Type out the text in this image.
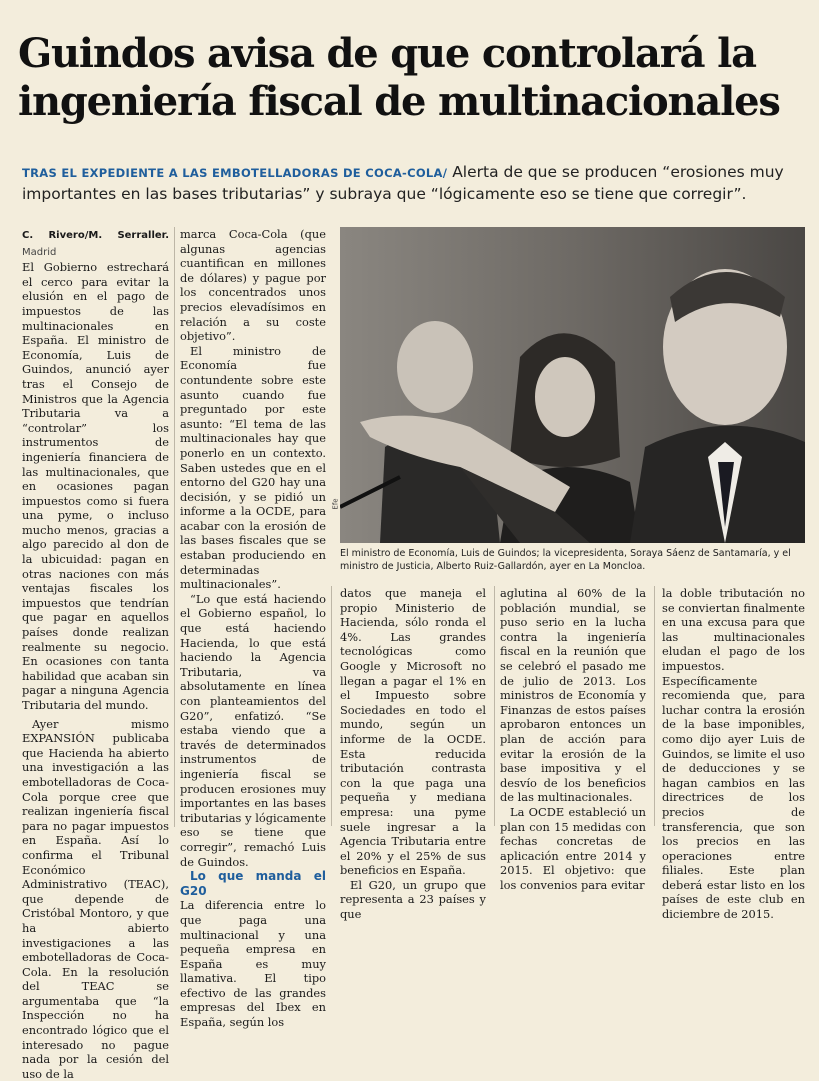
Guindos avisa de que controlará la ingeniería fiscal de multinacionales
TRAS EL EXPEDIENTE A LAS EMBOTELLADORAS DE COCA-COLA/ Alerta de que se producen “erosiones muy importantes en las bases tributarias” y subraya que “lógicamente eso se tiene que corregir”.

C. Rivero/M. Serraller. Madrid

El Gobierno estrechará el cerco para evitar la elusión en el pago de impuestos de las multinacionales en España. El ministro de Economía, Luis de Guindos, anunció ayer tras el Consejo de Ministros que la Agencia Tributaria va a “controlar” los instrumentos de ingeniería financiera de las multinacionales, que en ocasiones pagan impuestos como si fuera una pyme, o incluso mucho menos, gracias a algo parecido al don de la ubicuidad: pagan en otras naciones con más ventajas fiscales los impuestos que tendrían que pagar en aquellos países donde realizan realmente su negocio. En ocasiones con tanta habilidad que acaban sin pagar a ninguna Agencia Tributaria del mundo.

Ayer mismo EXPANSIÓN publicaba que Hacienda ha abierto una investigación a las embotelladoras de Coca-Cola porque cree que realizan ingeniería fiscal para no pagar impuestos en España. Así lo confirma el Tribunal Económico Administrativo (TEAC), que depende de Cristóbal Montoro, y que ha abierto investigaciones a las embotelladoras de Coca-Cola. En la resolución del TEAC se argumentaba que “la Inspección no ha encontrado lógico que el interesado no pague nada por la cesión del uso de la

marca Coca-Cola (que algunas agencias cuantifican en millones de dólares) y pague por los concentrados unos precios elevadísimos en relación a su coste objetivo”.

El ministro de Economía fue contundente sobre este asunto cuando fue preguntado por este asunto: “El tema de las multinacionales hay que ponerlo en un contexto. Saben ustedes que en el entorno del G20 hay una decisión, y se pidió un informe a la OCDE, para acabar con la erosión de las bases fiscales que se estaban produciendo en determinadas multinacionales”.

“Lo que está haciendo el Gobierno español, lo que está haciendo Hacienda, lo que está haciendo la Agencia Tributaria, va absolutamente en línea con planteamientos del G20”, enfatizó. “Se estaba viendo que a través de determinados instrumentos de ingeniería fiscal se producen erosiones muy importantes en las bases tributarias y lógicamente eso se tiene que corregir”, remachó Luis de Guindos.

Lo que manda el G20

La diferencia entre lo que paga una multinacional y una pequeña empresa en España es muy llamativa. El tipo efectivo de las grandes empresas del Ibex en España, según los

Efe
El ministro de Economía, Luis de Guindos; la vicepresidenta, Soraya Sáenz de Santamaría, y el ministro de Justicia, Alberto Ruiz-Gallardón, ayer en La Moncloa.

datos que maneja el propio Ministerio de Hacienda, sólo ronda el 4%. Las grandes tecnológicas como Google y Microsoft no llegan a pagar el 1% en el Impuesto sobre Sociedades en todo el mundo, según un informe de la OCDE. Esta reducida tributación contrasta con la que paga una pequeña y mediana empresa: una pyme suele ingresar a la Agencia Tributaria entre el 20% y el 25% de sus beneficios en España.

El G20, un grupo que representa a 23 países y que

aglutina al 60% de la población mundial, se puso serio en la lucha contra la ingeniería fiscal en la reunión que se celebró el pasado me de julio de 2013. Los ministros de Economía y Finanzas de estos países aprobaron entonces un plan de acción para evitar la erosión de la base impositiva y el desvío de los beneficios de las multinacionales.

La OCDE estableció un plan con 15 medidas con fechas concretas de aplicación entre 2014 y 2015. El objetivo: que los convenios para evitar

la doble tributación no se conviertan finalmente en una excusa para que las multinacionales eludan el pago de los impuestos. Específicamente recomienda que, para luchar contra la erosión de la base imponibles, como dijo ayer Luis de Guindos, se limite el uso de deducciones y se hagan cambios en las directrices de los precios de transferencia, que son los precios en las operaciones entre filiales. Este plan deberá estar listo en los países de este club en diciembre de 2015.
